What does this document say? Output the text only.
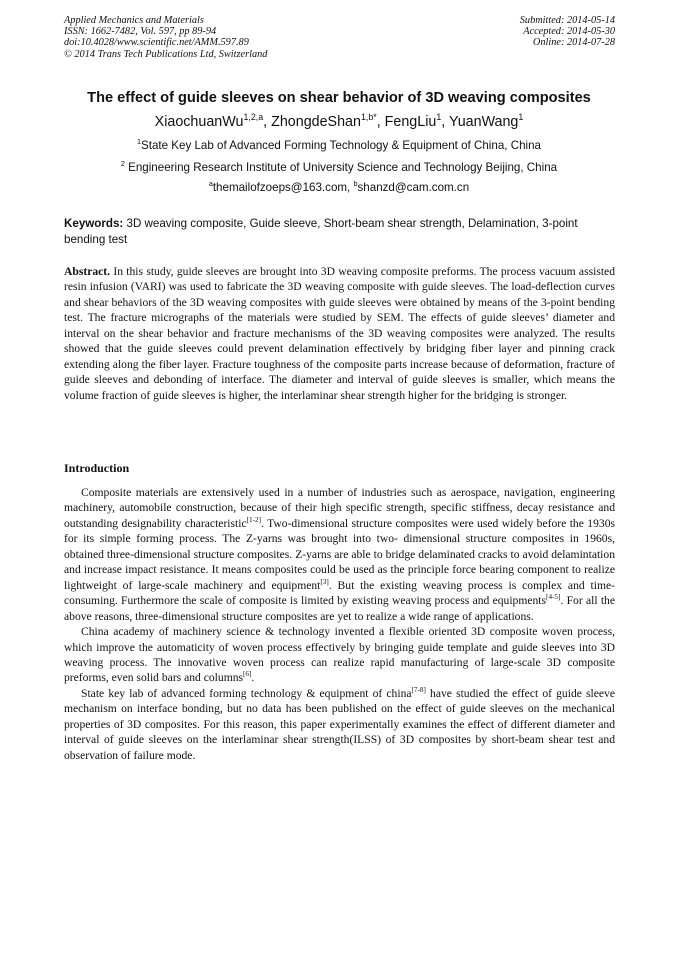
Applied Mechanics and Materials
ISSN: 1662-7482, Vol. 597, pp 89-94
doi:10.4028/www.scientific.net/AMM.597.89
© 2014 Trans Tech Publications Ltd, Switzerland
Submitted: 2014-05-14
Accepted: 2014-05-30
Online: 2014-07-28
The effect of guide sleeves on shear behavior of 3D weaving composites
XiaochuanWu$^{1,2,a}$, ZhongdeShan$^{1,b*}$, FengLiu$^1$, YuanWang$^1$
$^1$State Key Lab of Advanced Forming Technology & Equipment of China, China
$^2$ Engineering Research Institute of University Science and Technology Beijing, China
$^a$themailofzoeps@163.com, $^b$shanzd@cam.com.cn
Keywords: 3D weaving composite, Guide sleeve, Short-beam shear strength, Delamination, 3-point bending test
Abstract. In this study, guide sleeves are brought into 3D weaving composite preforms. The process vacuum assisted resin infusion (VARI) was used to fabricate the 3D weaving composite with guide sleeves. The load-deflection curves and shear behaviors of the 3D weaving composites with guide sleeves were obtained by means of the 3-point bending test. The fracture micrographs of the materials were studied by SEM. The effects of guide sleeves’ diameter and interval on the shear behavior and fracture mechanisms of the 3D weaving composites were analyzed. The results showed that the guide sleeves could prevent delamination effectively by bridging fiber layer and pinning crack extending along the fiber layer. Fracture toughness of the composite parts increase because of deformation, fracture of guide sleeves and debonding of interface. The diameter and interval of guide sleeves is smaller, which means the volume fraction of guide sleeves is higher, the interlaminar shear strength higher for the bridging is stronger.
Introduction

Composite materials are extensively used in a number of industries such as aerospace, navigation, engineering machinery, automobile construction, because of their high specific strength, specific stiffness, decay resistance and outstanding designability characteristic[1-2]. Two-dimensional structure composites were used widely before the 1930s for its simple forming process. The Z-yarns was brought into two- dimensional structure composites in 1960s, obtained three-dimensional structure composites. Z-yarns are able to bridge delaminated cracks to avoid delamintation and increase impact resistance. It means composites could be used as the principle force bearing component to realize lightweight of large-scale machinery and equipment[3]. But the existing weaving process is complex and time-consuming. Furthermore the scale of composite is limited by existing weaving process and equipments[4-5]. For all the above reasons, three-dimensional structure composites are yet to realize a wide range of applications.

China academy of machinery science & technology invented a flexible oriented 3D composite woven process, which improve the automaticity of woven process effectively by bringing guide template and guide sleeves into 3D weaving process. The innovative woven process can realize rapid manufacturing of large-scale 3D composite preforms, even solid bars and columns[6].

State key lab of advanced forming technology & equipment of china[7-8] have studied the effect of guide sleeve mechanism on interface bonding, but no data has been published on the effect of guide sleeves on the mechanical properties of 3D composites. For this reason, this paper experimentally examines the effect of different diameter and interval of guide sleeves on the interlaminar shear strength(ILSS) of 3D composites by short-beam shear test and observation of failure mode.
